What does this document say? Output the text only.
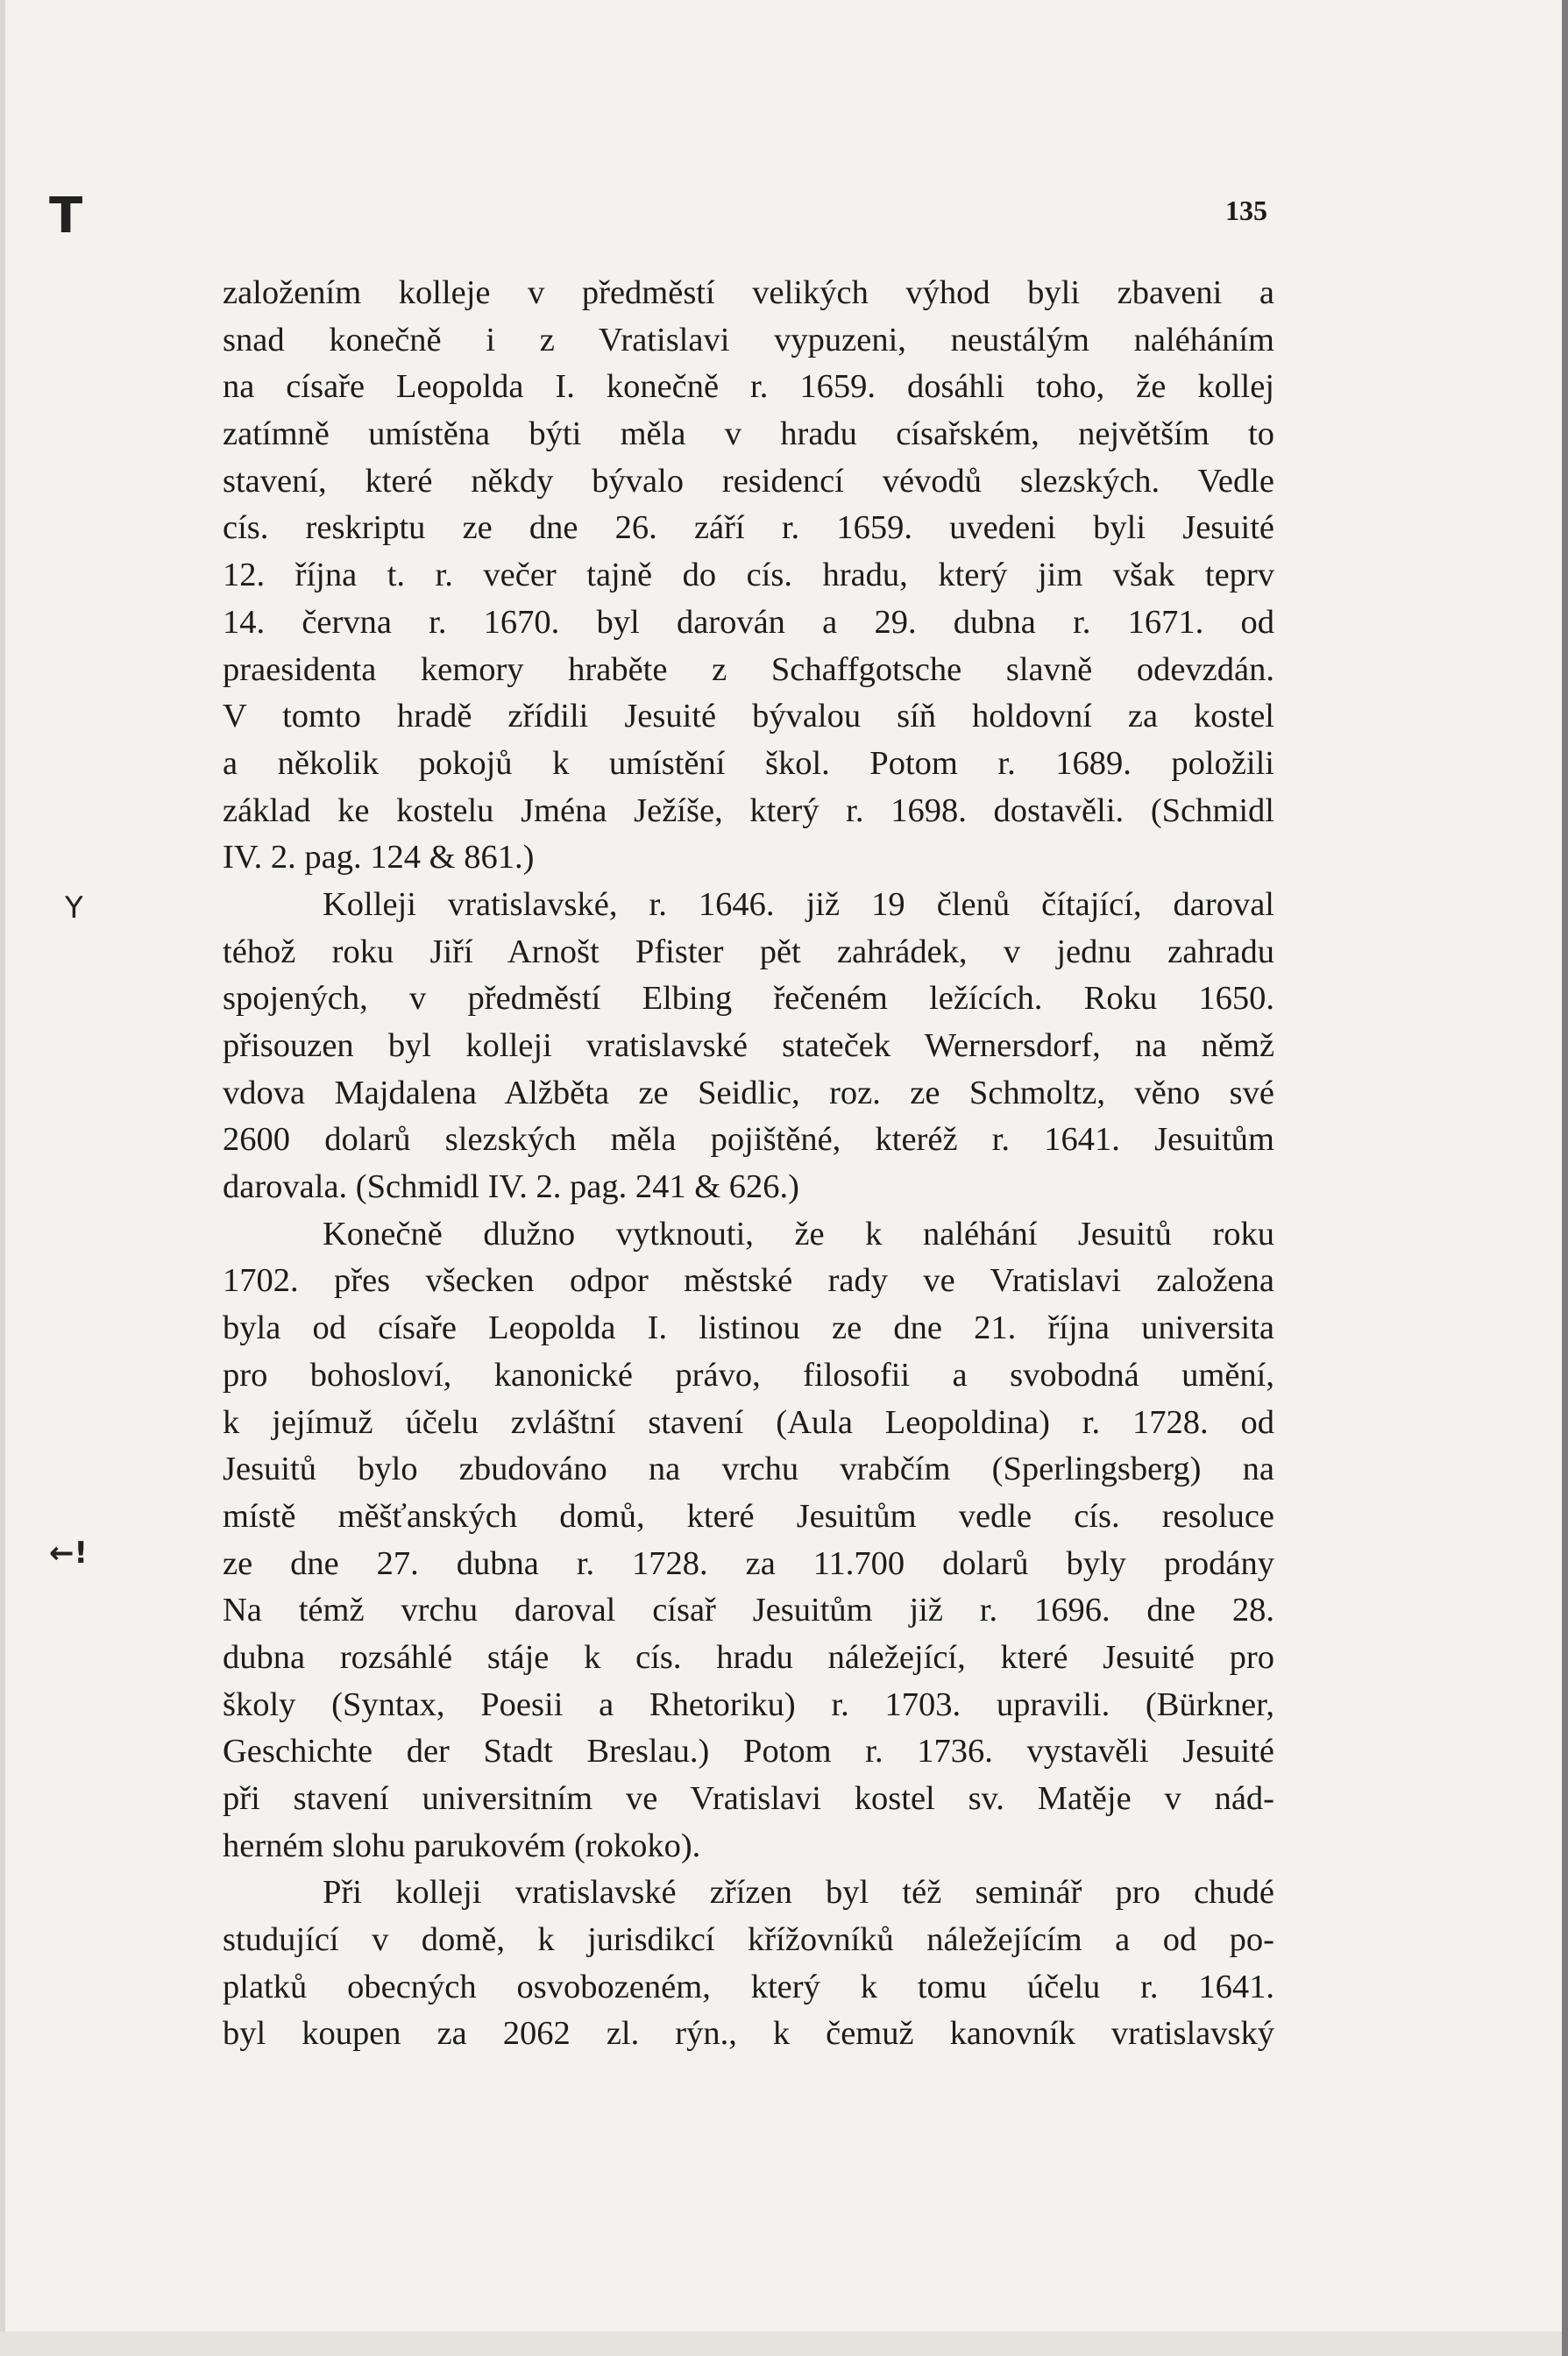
T
Y
←!
135
založením kolleje v předměstí velikých výhod byli zbaveni a
snad konečně i z Vratislavi vypuzeni, neustálým naléháním
na císaře Leopolda I. konečně r. 1659. dosáhli toho, že kollej
zatímně umístěna býti měla v hradu císařském, největším to
stavení, které někdy bývalo residencí vévodů slezských. Vedle
cís. reskriptu ze dne 26. září r. 1659. uvedeni byli Jesuité
12. října t. r. večer tajně do cís. hradu, který jim však teprv
14. června r. 1670. byl darován a 29. dubna r. 1671. od
praesidenta kemory hraběte z Schaffgotsche slavně odevzdán.
V tomto hradě zřídili Jesuité bývalou síň holdovní za kostel
a několik pokojů k umístění škol. Potom r. 1689. položili
základ ke kostelu Jména Ježíše, který r. 1698. dostavěli. (Schmidl
IV. 2. pag. 124 & 861.)
Kolleji vratislavské, r. 1646. již 19 členů čítající, daroval
téhož roku Jiří Arnošt Pfister pět zahrádek, v jednu zahradu
spojených, v předměstí Elbing řečeném ležících. Roku 1650.
přisouzen byl kolleji vratislavské stateček Wernersdorf, na němž
vdova Majdalena Alžběta ze Seidlic, roz. ze Schmoltz, věno své
2600 dolarů slezských měla pojištěné, kteréž r. 1641. Jesuitům
darovala. (Schmidl IV. 2. pag. 241 & 626.)
Konečně dlužno vytknouti, že k naléhání Jesuitů roku
1702. přes všecken odpor městské rady ve Vratislavi založena
byla od císaře Leopolda I. listinou ze dne 21. října universita
pro bohosloví, kanonické právo, filosofii a svobodná umění,
k jejímuž účelu zvláštní stavení (Aula Leopoldina) r. 1728. od
Jesuitů bylo zbudováno na vrchu vrabčím (Sperlingsberg) na
místě měšťanských domů, které Jesuitům vedle cís. resoluce
ze dne 27. dubna r. 1728. za 11.700 dolarů byly prodány
Na témž vrchu daroval císař Jesuitům již r. 1696. dne 28.
dubna rozsáhlé stáje k cís. hradu náležející, které Jesuité pro
školy (Syntax, Poesii a Rhetoriku) r. 1703. upravili. (Bürkner,
Geschichte der Stadt Breslau.) Potom r. 1736. vystavěli Jesuité
při stavení universitním ve Vratislavi kostel sv. Matěje v nád-
herném slohu parukovém (rokoko).
Při kolleji vratislavské zřízen byl též seminář pro chudé
studující v domě, k jurisdikcí křížovníků náležejícím a od po-
platků obecných osvobozeném, který k tomu účelu r. 1641.
byl koupen za 2062 zl. rýn., k čemuž kanovník vratislavský
